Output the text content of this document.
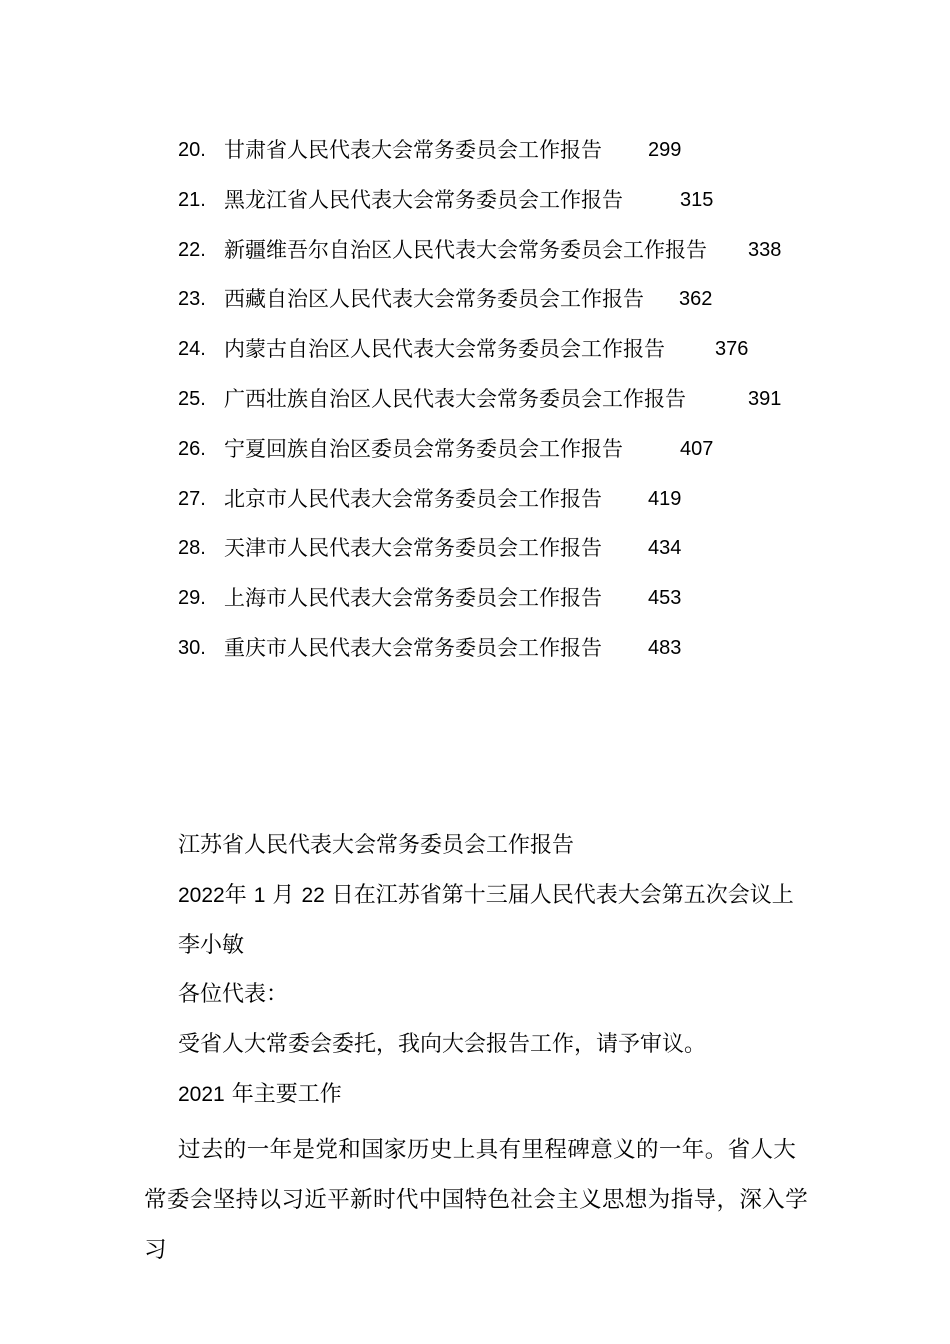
20. 甘肃省人民代表大会常务委员会工作报告 299
21. 黑龙江省人民代表大会常务委员会工作报告	315
22. 新疆维吾尔自治区人民代表大会常务委员会工作报告 338
23. 西藏自治区人民代表大会常务委员会工作报告 362
24. 内蒙古自治区人民代表大会常务委员会工作报告	376
25. 广西壮族自治区人民代表大会常务委员会工作报告	391
26. 宁夏回族自治区委员会常务委员会工作报告	407
27. 北京市人民代表大会常务委员会工作报告 419
28. 天津市人民代表大会常务委员会工作报告 434
29. 上海市人民代表大会常务委员会工作报告 453
30. 重庆市人民代表大会常务委员会工作报告 483
江苏省人民代表大会常务委员会工作报告
2022年 1 月 22 日在江苏省第十三届人民代表大会第五次会议上
李小敏
各位代表：
受省人大常委会委托，我向大会报告工作，请予审议。
2021 年主要工作
过去的一年是党和国家历史上具有里程碑意义的一年。省人大常委会坚持以习近平新时代中国特色社会主义思想为指导，深入学习
